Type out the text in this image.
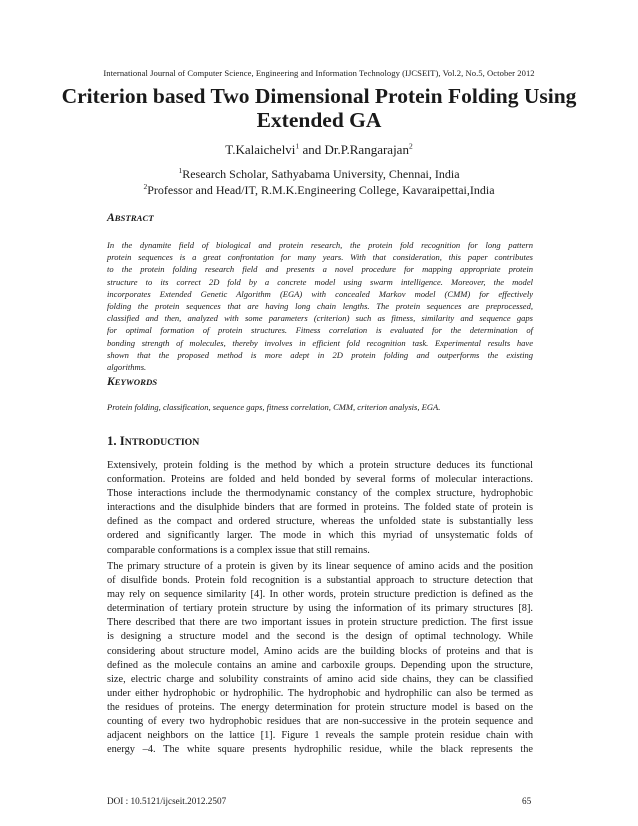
International Journal of Computer Science, Engineering and Information Technology (IJCSEIT), Vol.2, No.5, October 2012
Criterion based Two Dimensional Protein Folding Using Extended GA
T.Kalaichelvi$^1$ and Dr.P.Rangarajan$^2$
$^1$Research Scholar, Sathyabama University, Chennai, India
$^2$Professor and Head/IT, R.M.K.Engineering College, Kavaraipettai,India
ABSTRACT
In the dynamite field of biological and protein research, the protein fold recognition for long pattern
protein sequences is a great confrontation for many years. With that consideration, this paper contributes
to the protein folding research field and presents a novel procedure for mapping appropriate protein
structure to its correct 2D fold by a concrete model using swarm intelligence. Moreover, the model
incorporates Extended Genetic Algorithm (EGA) with concealed Markov model (CMM) for effectively
folding the protein sequences that are having long chain lengths. The protein sequences are preprocessed,
classified and then, analyzed with some parameters (criterion) such as fitness, similarity and sequence gaps
for optimal formation of protein structures. Fitness correlation is evaluated for the determination of
bonding strength of molecules, thereby involves in efficient fold recognition task. Experimental results have
shown that the proposed method is more adept in 2D protein folding and outperforms the existing
algorithms.
KEYWORDS
Protein folding, classification, sequence gaps, fitness correlation, CMM, criterion analysis, EGA.
1. INTRODUCTION
Extensively, protein folding is the method by which a protein structure deduces its functional
conformation. Proteins are folded and held bonded by several forms of molecular interactions.
Those interactions include the thermodynamic constancy of the complex structure, hydrophobic
interactions and the disulphide binders that are formed in proteins. The folded state of protein is
defined as the compact and ordered structure, whereas the unfolded state is substantially less
ordered and significantly larger. The mode in which this myriad of unsystematic folds of
comparable conformations is a complex issue that still remains.
The primary structure of a protein is given by its linear sequence of amino acids and the position
of disulfide bonds. Protein fold recognition is a substantial approach to structure detection that
may rely on sequence similarity [4]. In other words, protein structure prediction is defined as the
determination of tertiary protein structure by using the information of its primary structures [8].
There described that there are two important issues in protein structure prediction. The first issue
is designing a structure model and the second is the design of optimal technology. While
considering about structure model, Amino acids are the building blocks of proteins and that is
defined as the molecule contains an amine and carboxile groups. Depending upon the structure,
size, electric charge and solubility constraints of amino acid side chains, they can be classified
under either hydrophobic or hydrophilic. The hydrophobic and hydrophilic can also be termed as
the residues of proteins. The energy determination for protein structure model is based on the
counting of every two hydrophobic residues that are non-successive in the protein sequence and
adjacent neighbors on the lattice [1]. Figure 1 reveals the sample protein residue chain with
energy –4. The white square presents hydrophilic residue, while the black represents the
DOI : 10.5121/ijcseit.2012.2507	65
